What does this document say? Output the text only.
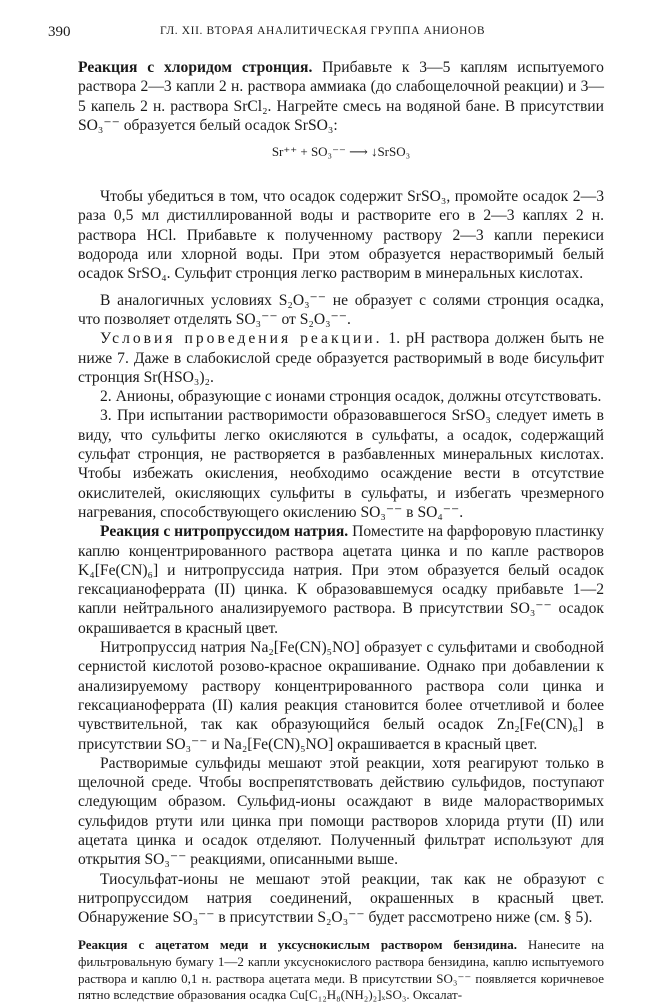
390	ГЛ. XII. ВТОРАЯ АНАЛИТИЧЕСКАЯ ГРУППА АНИОНОВ

Реакция с хлоридом стронция. Прибавьте к 3—5 каплям испытуемого раствора 2—3 капли 2 н. раствора аммиака (до слабощелочной реакции) и 3—5 капель 2 н. раствора SrCl₂. Нагрейте смесь на водяной бане. В присутствии SO₃⁻⁻ образуется белый осадок SrSO₃:

Sr⁺⁺ + SO₃⁻⁻ ⟶ ↓SrSO₃

Чтобы убедиться в том, что осадок содержит SrSO₃, промойте осадок 2—3 раза 0,5 мл дистиллированной воды и растворите его в 2—3 каплях 2 н. раствора HCl. Прибавьте к полученному раствору 2—3 капли перекиси водорода или хлорной воды. При этом образуется нерастворимый белый осадок SrSO₄. Сульфит стронция легко растворим в минеральных кислотах.

В аналогичных условиях S₂O₃⁻⁻ не образует с солями стронция осадка, что позволяет отделять SO₃⁻⁻ от S₂O₃⁻⁻.

Условия проведения реакции. 1. pH раствора должен быть не ниже 7. Даже в слабокислой среде образуется растворимый в воде бисульфит стронция Sr(HSO₃)₂.

2. Анионы, образующие с ионами стронция осадок, должны отсутствовать.

3. При испытании растворимости образовавшегося SrSO₃ следует иметь в виду, что сульфиты легко окисляются в сульфаты, а осадок, содержащий сульфат стронция, не растворяется в разбавленных минеральных кислотах. Чтобы избежать окисления, необходимо осаждение вести в отсутствие окислителей, окисляющих сульфиты в сульфаты, и избегать чрезмерного нагревания, способствующего окислению SO₃⁻⁻ в SO₄⁻⁻.

Реакция с нитропруссидом натрия. Поместите на фарфоровую пластинку каплю концентрированного раствора ацетата цинка и по капле растворов K₄[Fe(CN)₆] и нитропруссида натрия. При этом образуется белый осадок гексацианоферрата (II) цинка. К образовавшемуся осадку прибавьте 1—2 капли нейтрального анализируемого раствора. В присутствии SO₃⁻⁻ осадок окрашивается в красный цвет.

Нитропруссид натрия Na₂[Fe(CN)₅NO] образует с сульфитами и свободной сернистой кислотой розово-красное окрашивание. Однако при добавлении к анализируемому раствору концентрированного раствора соли цинка и гексацианоферрата (II) калия реакция становится более отчетливой и более чувствительной, так как образующийся белый осадок Zn₂[Fe(CN)₆] в присутствии SO₃⁻⁻ и Na₂[Fe(CN)₅NO] окрашивается в красный цвет.

Растворимые сульфиды мешают этой реакции, хотя реагируют только в щелочной среде. Чтобы воспрепятствовать действию сульфидов, поступают следующим образом. Сульфид-ионы осаждают в виде малорастворимых сульфидов ртути или цинка при помощи растворов хлорида ртути (II) или ацетата цинка и осадок отделяют. Полученный фильтрат используют для открытия SO₃⁻⁻ реакциями, описанными выше.

Тиосульфат-ионы не мешают этой реакции, так как не образуют с нитропруссидом натрия соединений, окрашенных в красный цвет. Обнаружение SO₃⁻⁻ в присутствии S₂O₃⁻⁻ будет рассмотрено ниже (см. § 5).

Реакция с ацетатом меди и уксуснокислым раствором бензидина. Нанесите на фильтровальную бумагу 1—2 капли уксуснокислого раствора бензидина, каплю испытуемого раствора и каплю 0,1 н. раствора ацетата меди. В присутствии SO₃⁻⁻ появляется коричневое пятно вследствие образования осадка Cu[C₁₂H₈(NH₂)₂]ₓSO₃. Оксалат-
